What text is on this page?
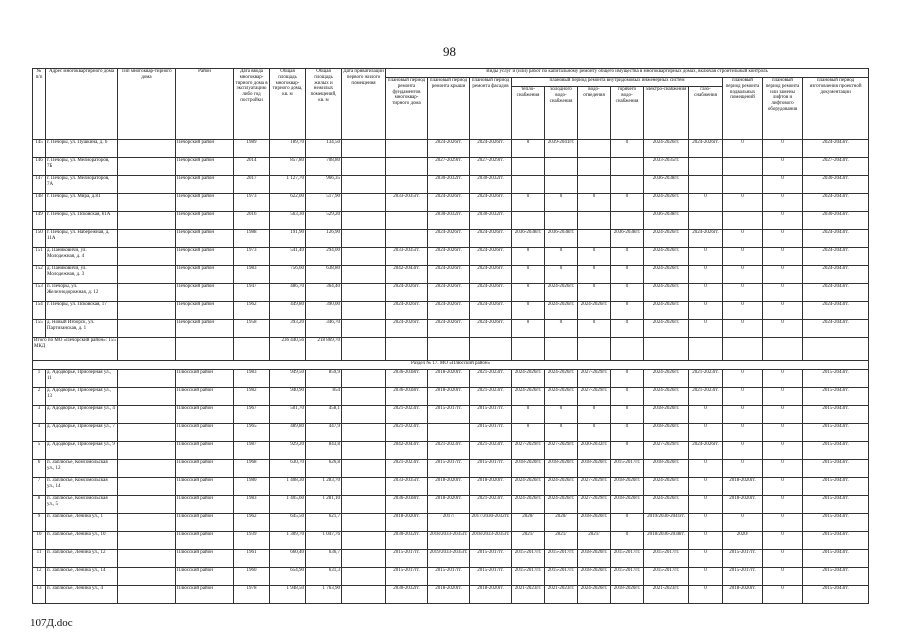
98
№ п/п	Адрес многоквартирного дома	Тип многоквар-тирного дома	Район	Дата ввода многоквар-тирного дома в эксплуатацию либо год постройки	Общая площадь многоквар-тирного дома, кв. м	Общая площадь жилых и нежилых помещений, кв. м	Дата приватизации первого жилого помещения	Виды услуг и (или) работ по капитальному ремонту общего имущества в многоквартирных домах, включая строительный контроль											
								плановый период ремонта фундаментов многоквар-тирного дома	плановый период ремонта крыши	плановый период ремонта фасадов	плановый период ремонта внутридомовых инженерных систем						плановый период ремонта подвальных помещений	плановый период ремонта или замены лифтов и лифтового оборудования	плановый период изготовления проектной документации
											тепло-снабжения	холодного водо-снабжения	водо-отведения	горячего водо-снабжения	электро-снабжения	газо-снабжения			
145	г. Печоры, ул. Пушкина, д. 6		Печорский район	1989	189,70	134,50			2024-2026гг.	2024-2026гг.	0	2039-2041гг.		0	2024-2026гг.	2024-2026гг.	0	0	2024-2043гг.
146	г. Печоры, ул. Мелиораторов, 7Б		Печорский район	2014	857,80	708,80			2027-2029гг.	2027-2029гг.					2033-2035гг.			0	2027-2043гг.
147	г. Печоры, ул. Мелиораторов, 7А		Печорский район	2017	1 127,70	966,35			2030-2032гг.	2030-2032гг.					2036-2038гг.			0	2030-2043гг.
148	г. Печоры, ул. Мира, д.81		Печорский район	1973	622,00	517,90		2033-2035гг.	2024-2026гг.	2024-2026гг.	0	0	0	0	2024-2026гг.	0	0	0	2024-2043гг.
149	г. Печоры, ул. Псковская, 61А		Печорский район	2016	563,30	529,20			2030-2032гг.	2030-2032гг.					2036-2038гг.			0	2030-2043гг.
150	г. Печоры, ул. Набережная, д. 11А		Печорский район	1988	191,90	126,90			2024-2026гг.	2024-2026гг.	2036-2038гг.	2036-2038гг.		2036-2038гг.	2024-2026гг.	2024-2026гг.	0	0	2024-2043гг.
151	д. Паниковичи, ул. Молодежная, д. 4		Печорский район	1973	541,40	294,00		2033-2035гг.	2024-2026гг.	2024-2026гг.	0	0	0	0	2024-2026гг.	0	0	0	2024-2043гг.
152	д. Паниковичи, ул. Молодежная, д. 3		Печорский район	1983	756,60	638,80		2042-2043гг.	2024-2026гг.	2024-2026гг.	0	0	0	0	2024-2026гг.	0	0	0	2024-2043гг.
153	п. Печоры, ул. Железнодорожная, д. 12		Печорский район	1947	486,70	364,40		2024-2026гг.	2024-2026гг.	2024-2026гг.	0	2024-2026гг.	0	0	2024-2026гг.	0	0	0	2024-2043гг.
154	г. Печоры, ул. Псковская, 17		Печорский район	1962	449,80	390,00		2024-2026гг.	2024-2026гг.	2024-2026гг.	0	2024-2026гг.	2024-2026гг.	0	2024-2026гг.	0	0	0	2024-2043гг.
155	д. Новый Изборск, ул. Партизанская, д. 1		Печорский район	1958	393,20	346,70		2024-2026гг.	2024-2026гг.	2024-2026гг.	0	0	0	0	2024-2026гг.	0	0	0	2024-2043гг.
Итого по МО «Печорский район»: 155 МКД					236 440,56	218 869,70													
Раздел № 17. МО «Плюсский район»																			
1	д. Адодворье, Приозерная ул., 11		Плюсский район	1983	949,50	859,9		2036-2038гг.	2018-2020гг.	2021-2023гг.	2024-2026гг.	2024-2026гг.	2027-2029гг.	0	2024-2026гг.	2021-2023гг.	0	0	2015-2043гг.
2	д. Адодворье, Приозерная ул., 13		Плюсский район	1982	940,90	854		2036-2038гг.	2018-2020гг.	2021-2023гг.	2024-2026гг.	2024-2026гг.	2027-2029гг.	0	2024-2026гг.	2021-2023гг.	0	0	2015-2043гг.
3	д. Адодворье, Приозерная ул., 4		Плюсский район	1967	501,70	458,1		2021-2023гг.	2015-2017гг.	2015-2017гг.	0	0	0	0	2018-2020гг.	0	0	0	2015-2043гг.
4	д. Адодворье, Приозерная ул., 7		Плюсский район	1965	489,80	447,9		2021-2023гг.		2015-2017гг.	0	0	0	0	2018-2020гг.	0	0	0	2015-2043гг.
5	д. Адодворье, Приозерная ул., 9		Плюсский район	1987	929,20	843,8		2042-2043гг.	2021-2023гг.	2021-2023гг.	2027-2029гг.	2027-2029гг.	2030-2032гг.	0	2027-2029гг.	2024-2026гг.	0	0	2015-2043гг.
6	п. Заплюсье, Комсомольская ул., 12		Плюсский район	1968	630,70	626,8		2021-2023гг.	2015-2017гг.	2015-2017гг.	2018-2020гг.	2018-2020гг.	2018-2020гг.	2015-2017гг.	2018-2020гг.	0	0	0	2015-2043гг.
7	п. Заплюсье, Комсомольская ул., 14		Плюсский район	1980	1 408,30	1 283,70		2033-2035гг.	2018-2020гг.	2018-2020гг.	2024-2026гг.	2024-2026гг.	2027-2029гг.	2018-2020гг.	2024-2026гг.	0	2018-2020гг.	0	2015-2043гг.
8	п. Заплюсье, Комсомольская ул., 5		Плюсский район	1983	1 405,60	1 281,10		2036-2038гг.	2018-2020гг.	2021-2023гг.	2024-2026гг.	2024-2026гг.	2027-2029гг.	2018-2020гг.	2024-2026гг.	0	2018-2020гг.	0	2015-2043гг.
9	п. Заплюсье, Ленина ул., 1		Плюсский район	1962	645,50	621,7		2018-2020гг.	2017/	2017/2030-2032гг.	2020/	2020/	2018-2020гг.	0	2019/2030-2041гг.	0	0	0	2015-2043гг.
10	п. Заплюсье, Ленина ул., 10		Плюсский район	1939	1 309,70	1 047,76		2030-2032гг.	2018/2033-2035гг.	2018/2033-2035гг.	2021/	2021/	2021/	0	2018/2036-2038гг.	0	2020/	0	2015-2043гг.
11	п. Заплюсье, Ленина ул., 12		Плюсский район	1961	660,40	636,7		2015-2017гг.	2019/2033-2035гг.	2015-2017гг.	2015-2017гг.	2015-2017гг.	2018-2020гг.	2015-2017гг.	2015-2017гг.	0	2015-2017гг.	0	2015-2043гг.
12	п. Заплюсье, Ленина ул., 14		Плюсский район	1960	654,90	631,3		2015-2017гг.	2015-2017гг.	2015-2017гг.	2015-2017гг.	2015-2017гг.	2018-2020гг.	2015-2017гг.	2015-2017гг.	0	2015-2017гг.	0	2015-2043гг.
13	п. Заплюсье, Ленина ул., 4		Плюсский район	1978	1 948,50	1 763,90		2030-2032гг.	2018-2020гг.	2018-2020гг.	2021-2023гг.	2021-2023гг.	2024-2026гг.	2018-2020гг.	2021-2023гг.	0	2018-2020гг.	0	2015-2043гг.
107Д.doc
